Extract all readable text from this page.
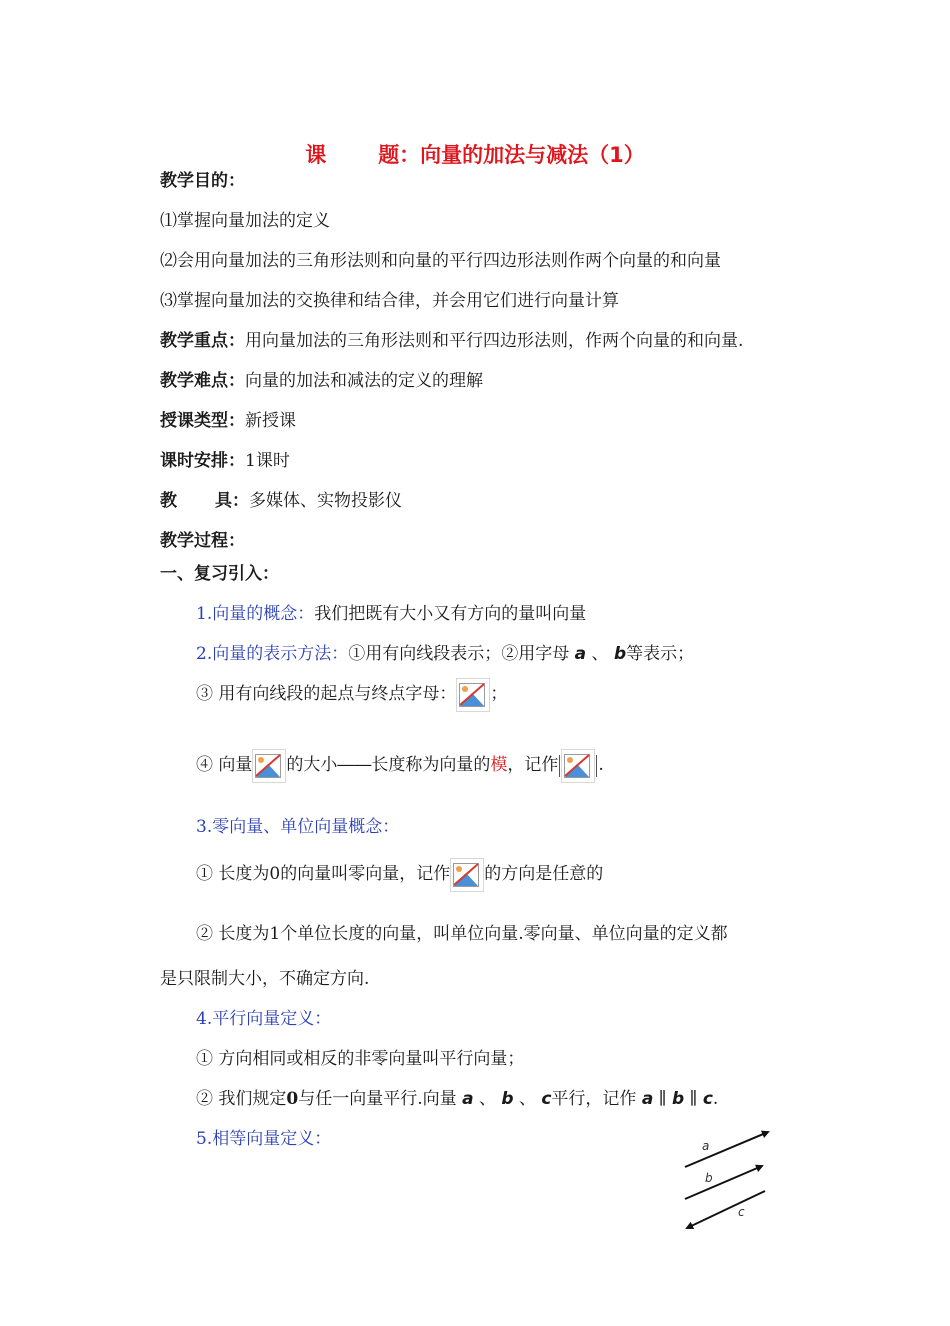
课 题：向量的加法与减法（1）
教学目的：
⑴掌握向量加法的定义
⑵会用向量加法的三角形法则和向量的平行四边形法则作两个向量的和向量
⑶掌握向量加法的交换律和结合律，并会用它们进行向量计算
教学重点：用向量加法的三角形法则和平行四边形法则，作两个向量的和向量.
教学难点：向量的加法和减法的定义的理解
授课类型：新授课
课时安排：1课时
教 具：多媒体、实物投影仪
教学过程：
一、复习引入：
1.向量的概念：我们把既有大小又有方向的量叫向量
2.向量的表示方法：①用有向线段表示；②用字母 a 、 b等表示；
③ 用有向线段的起点与终点字母： ；
④ 向量 的大小――长度称为向量的模，记作 .
3.零向量、单位向量概念：
① 长度为0的向量叫零向量，记作 的方向是任意的
② 长度为1个单位长度的向量，叫单位向量.零向量、单位向量的定义都
是只限制大小，不确定方向.
4.平行向量定义：
① 方向相同或相反的非零向量叫平行向量；
② 我们规定0与任一向量平行.向量 a 、 b 、 c平行，记作 a ∥ b ∥ c.
5.相等向量定义：	a
b
c
